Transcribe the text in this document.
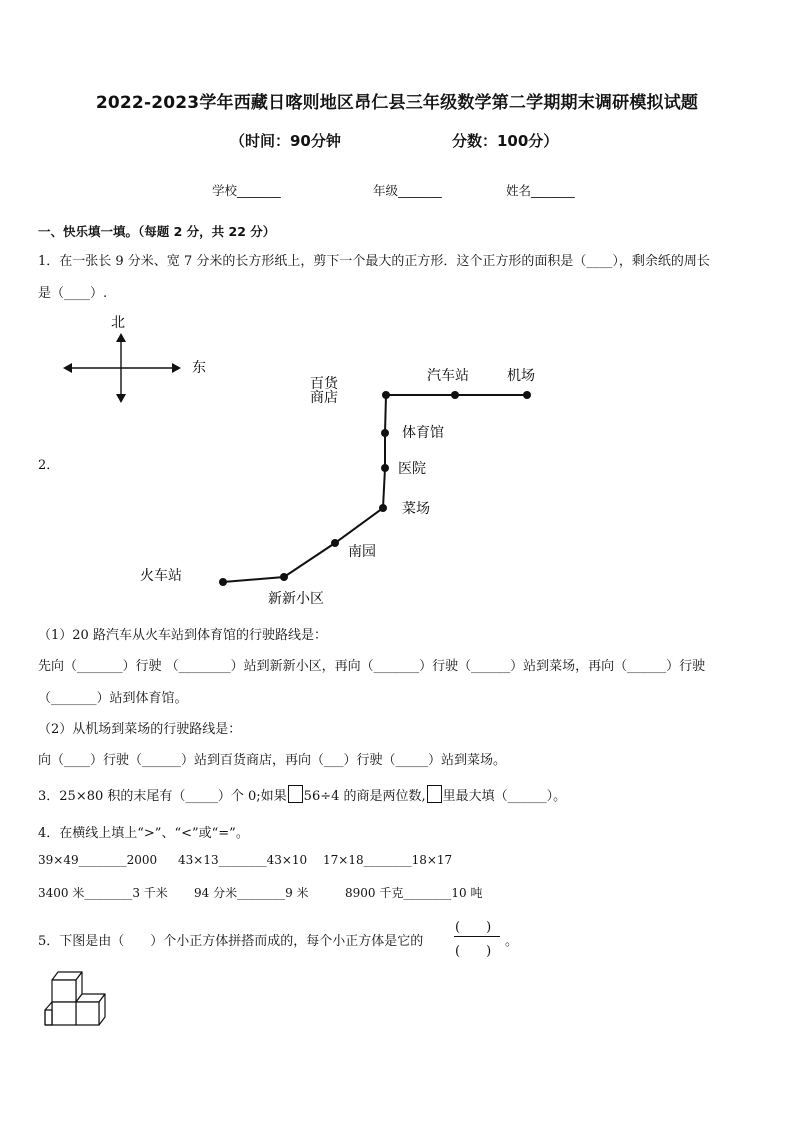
2022-2023学年西藏日喀则地区昂仁县三年级数学第二学期期末调研模拟试题
（时间：90分钟	分数：100分）
学校_______	年级_______	姓名_______
一、快乐填一填。（每题 2 分，共 22 分）
1．在一张长 9 分米、宽 7 分米的长方形纸上，剪下一个最大的正方形．这个正方形的面积是（____），剩余纸的周长
是（____）.
2．
北
东
百货
商店
汽车站	机场
体育馆
医院
菜场
南园
火车站
新新小区
（1）20 路汽车从火车站到体育馆的行驶路线是：
先向（_______）行驶 （________）站到新新小区，再向（_______）行驶（______）站到菜场，再向（______）行驶
（_______）站到体育馆。
（2）从机场到菜场的行驶路线是：
向（____）行驶（______）站到百货商店，再向（___）行驶（_____）站到菜场。
3．25×80 积的末尾有（_____）个 0;如果 56÷4 的商是两位数, 里最大填（______）。
4．在横线上填上“>”、“<”或“=”。
39×49________2000 43×13________43×10 17×18________18×17
3400 米________3 千米 94 分米________9 米	8900 千克________10 吨
5．下图是由（　　）个小正方体拼搭而成的，每个小正方体是它的
(　　)
(　　)
。
